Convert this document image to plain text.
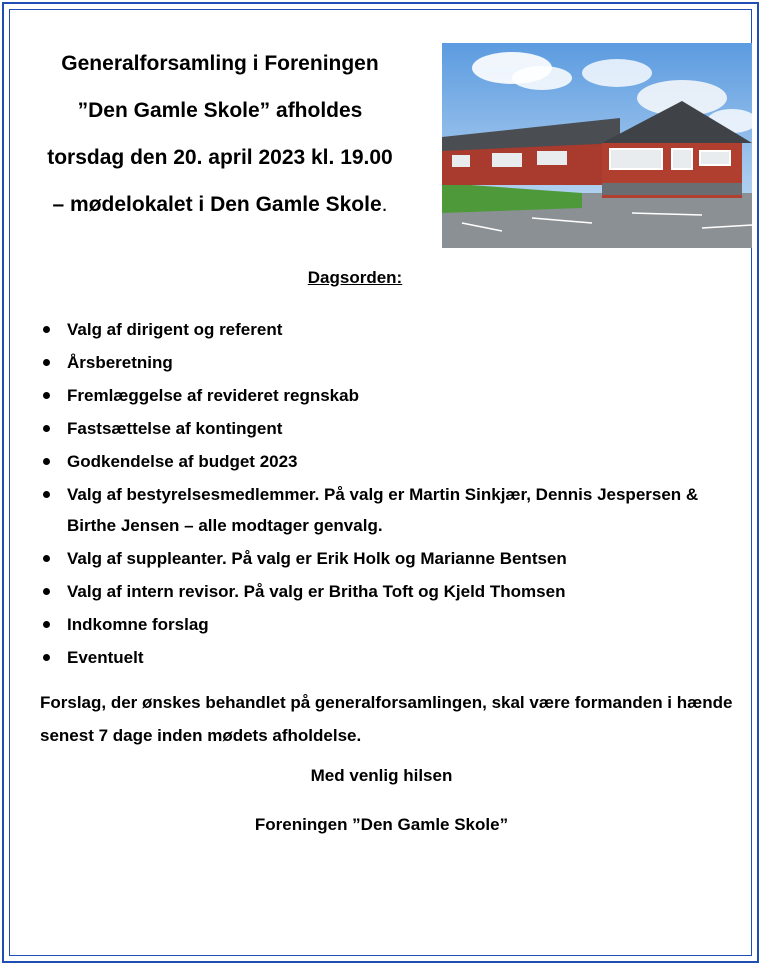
Generalforsamling i Foreningen
”Den Gamle Skole” afholdes
torsdag den 20. april 2023 kl. 19.00
– mødelokalet i Den Gamle Skole.
Dagsorden:
Valg af dirigent og referent
Årsberetning
Fremlæggelse af revideret regnskab
Fastsættelse af kontingent
Godkendelse af budget 2023
Valg af bestyrelsesmedlemmer. På valg er Martin Sinkjær, Dennis Jespersen & Birthe Jensen – alle modtager genvalg.
Valg af suppleanter. På valg er Erik Holk og Marianne Bentsen
Valg af intern revisor. På valg er Britha Toft og Kjeld Thomsen
Indkomne forslag
Eventuelt
Forslag, der ønskes behandlet på generalforsamlingen, skal være formanden i hænde senest 7 dage inden mødets afholdelse.
Med venlig hilsen
Foreningen ”Den Gamle Skole”
